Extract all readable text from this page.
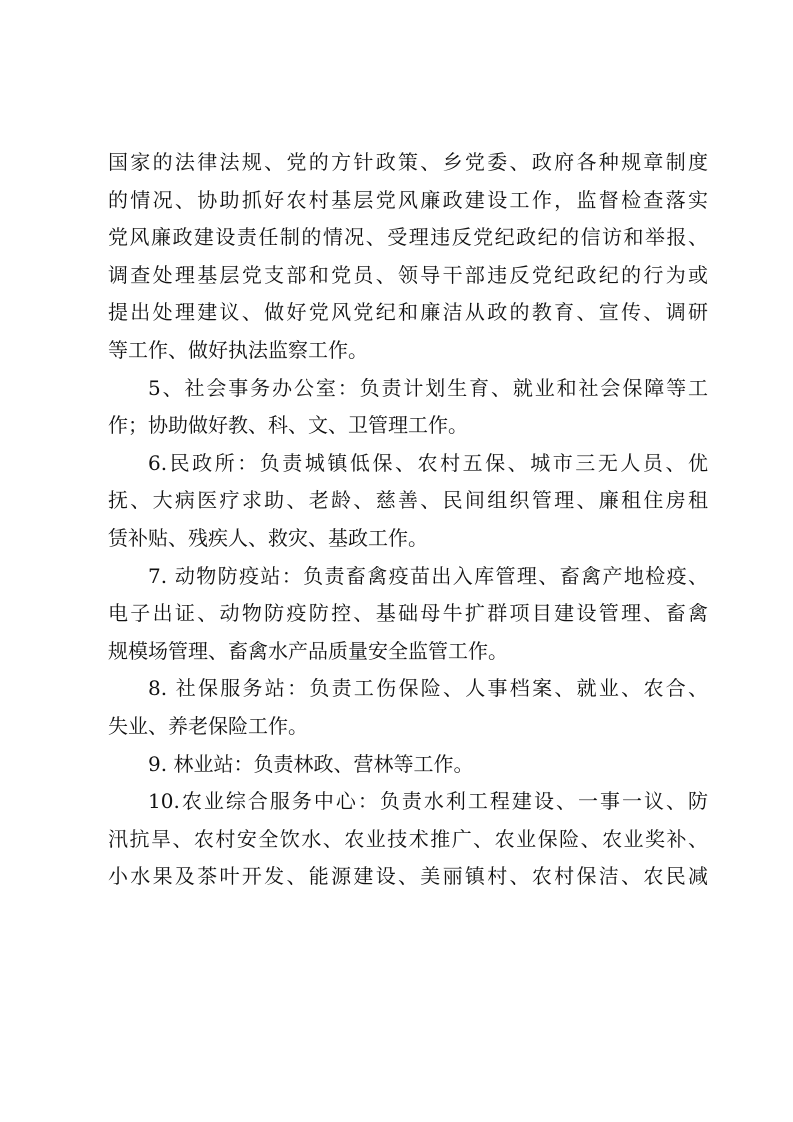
国家的法律法规、党的方针政策、乡党委、政府各种规章制度
的情况、协助抓好农村基层党风廉政建设工作，监督检查落实
党风廉政建设责任制的情况、受理违反党纪政纪的信访和举报、
调查处理基层党支部和党员、领导干部违反党纪政纪的行为或
提出处理建议、做好党风党纪和廉洁从政的教育、宣传、调研
等工作、做好执法监察工作。
5、社会事务办公室：负责计划生育、就业和社会保障等工
作；协助做好教、科、文、卫管理工作。
6.民政所：负责城镇低保、农村五保、城市三无人员、优
抚、大病医疗求助、老龄、慈善、民间组织管理、廉租住房租
赁补贴、残疾人、救灾、基政工作。
7. 动物防疫站：负责畜禽疫苗出入库管理、畜禽产地检疫、
电子出证、动物防疫防控、基础母牛扩群项目建设管理、畜禽
规模场管理、畜禽水产品质量安全监管工作。
8. 社保服务站：负责工伤保险、人事档案、就业、农合、
失业、养老保险工作。
9. 林业站：负责林政、营林等工作。
10.农业综合服务中心：负责水利工程建设、一事一议、防
汛抗旱、农村安全饮水、农业技术推广、农业保险、农业奖补、
小水果及茶叶开发、能源建设、美丽镇村、农村保洁、农民减
